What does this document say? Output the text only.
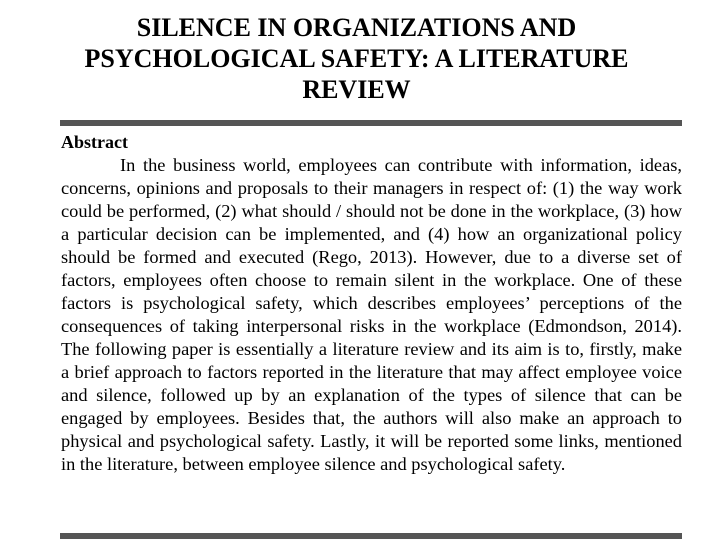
SILENCE IN ORGANIZATIONS AND
PSYCHOLOGICAL SAFETY: A LITERATURE
REVIEW

Abstract

In the business world, employees can contribute with information, ideas, concerns, opinions and proposals to their managers in respect of: (1) the way work could be performed, (2) what should / should not be done in the workplace, (3) how a particular decision can be implemented, and (4) how an organizational policy should be formed and executed (Rego, 2013). However, due to a diverse set of factors, employees often choose to remain silent in the workplace. One of these factors is psychological safety, which describes employees’ perceptions of the consequences of taking interpersonal risks in the workplace (Edmondson, 2014). The following paper is essentially a literature review and its aim is to, firstly, make a brief approach to factors reported in the literature that may affect employee voice and silence, followed up by an explanation of the types of silence that can be engaged by employees. Besides that, the authors will also make an approach to physical and psychological safety. Lastly, it will be reported some links, mentioned in the literature, between employee silence and psychological safety.
